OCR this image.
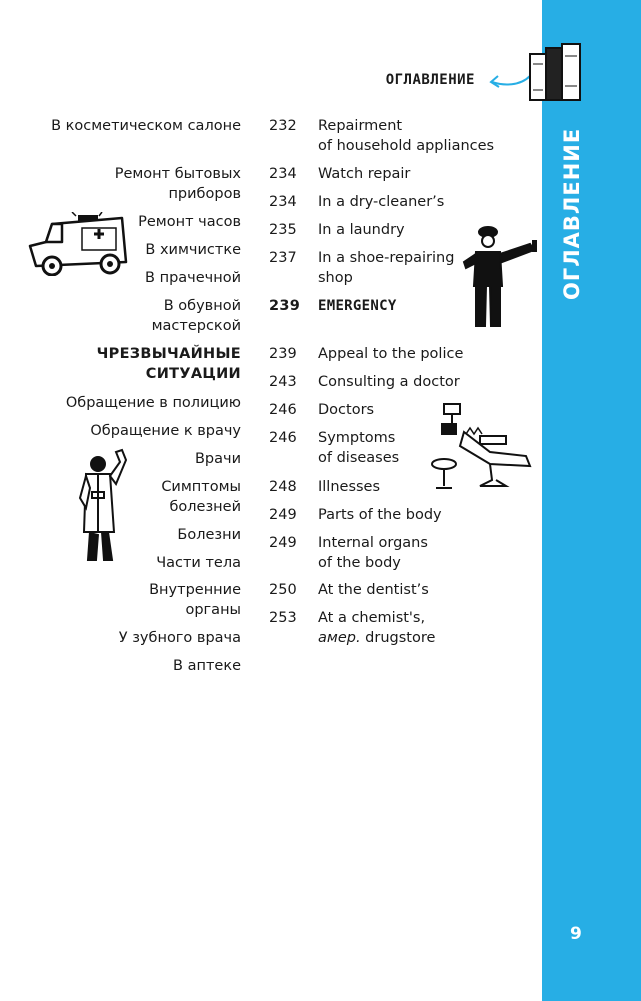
ОГЛАВЛЕНИЕ
ОГЛАВЛЕНИЕ
9
В косметическом салоне
Ремонт бытовых
приборов
Ремонт часов
В химчистке
В прачечной
В обувной
мастерской
ЧРЕЗВЫЧАЙНЫЕ
СИТУАЦИИ
Обращение в полицию
Обращение к врачу
Врачи
Симптомы
болезней
Болезни
Части тела
Внутренние
органы
У зубного врача
В аптеке
232 Repairment
of household appliances
234 Watch repair
234 In a dry-cleaner’s
235 In a laundry
237 In a shoe-repairing
shop
239 EMERGENCY
239 Appeal to the police
243 Consulting a doctor
246 Doctors
246 Symptoms
of diseases
248 Illnesses
249 Parts of the body
249 Internal organs
of the body
250 At the dentist’s
253 At a chemist's,
амер. drugstore
